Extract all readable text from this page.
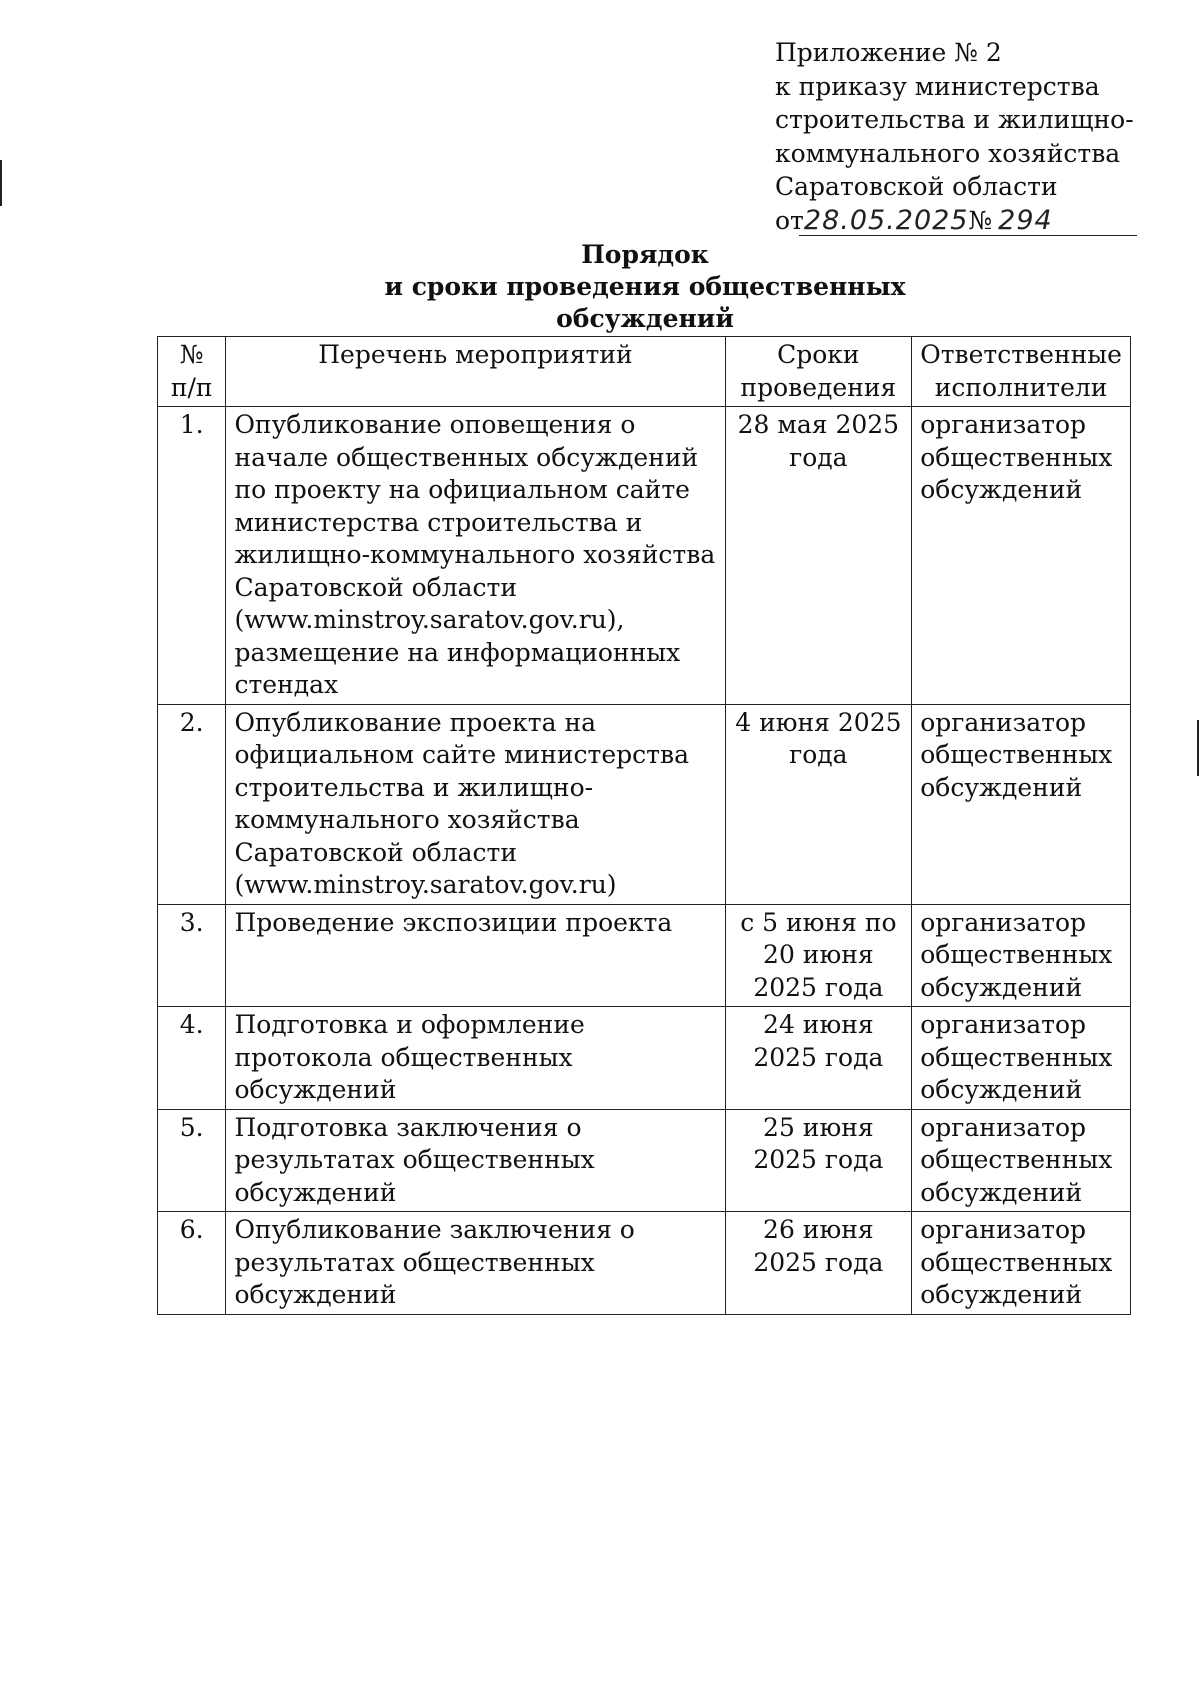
Приложение № 2
к приказу министерства
строительства и жилищно-
коммунального хозяйства
Саратовской области
от28.05.2025№ 294
Порядок
и сроки проведения общественных обсуждений
№ п/п	Перечень мероприятий	Сроки проведения	Ответственные исполнители
1.	Опубликование оповещения о начале общественных обсуждений по проекту на официальном сайте министерства строительства и жилищно-коммунального хозяйства Саратовской области (www.minstroy.saratov.gov.ru), размещение на информационных стендах	28 мая 2025 года	организатор общественных обсуждений
2.	Опубликование проекта на официальном сайте министерства строительства и жилищно-коммунального хозяйства Саратовской области (www.minstroy.saratov.gov.ru)	4 июня 2025 года	организатор общественных обсуждений
3.	Проведение экспозиции проекта	с 5 июня по 20 июня 2025 года	организатор общественных обсуждений
4.	Подготовка и оформление протокола общественных обсуждений	24 июня 2025 года	организатор общественных обсуждений
5.	Подготовка заключения о результатах общественных обсуждений	25 июня 2025 года	организатор общественных обсуждений
6.	Опубликование заключения о результатах общественных обсуждений	26 июня 2025 года	организатор общественных обсуждений
